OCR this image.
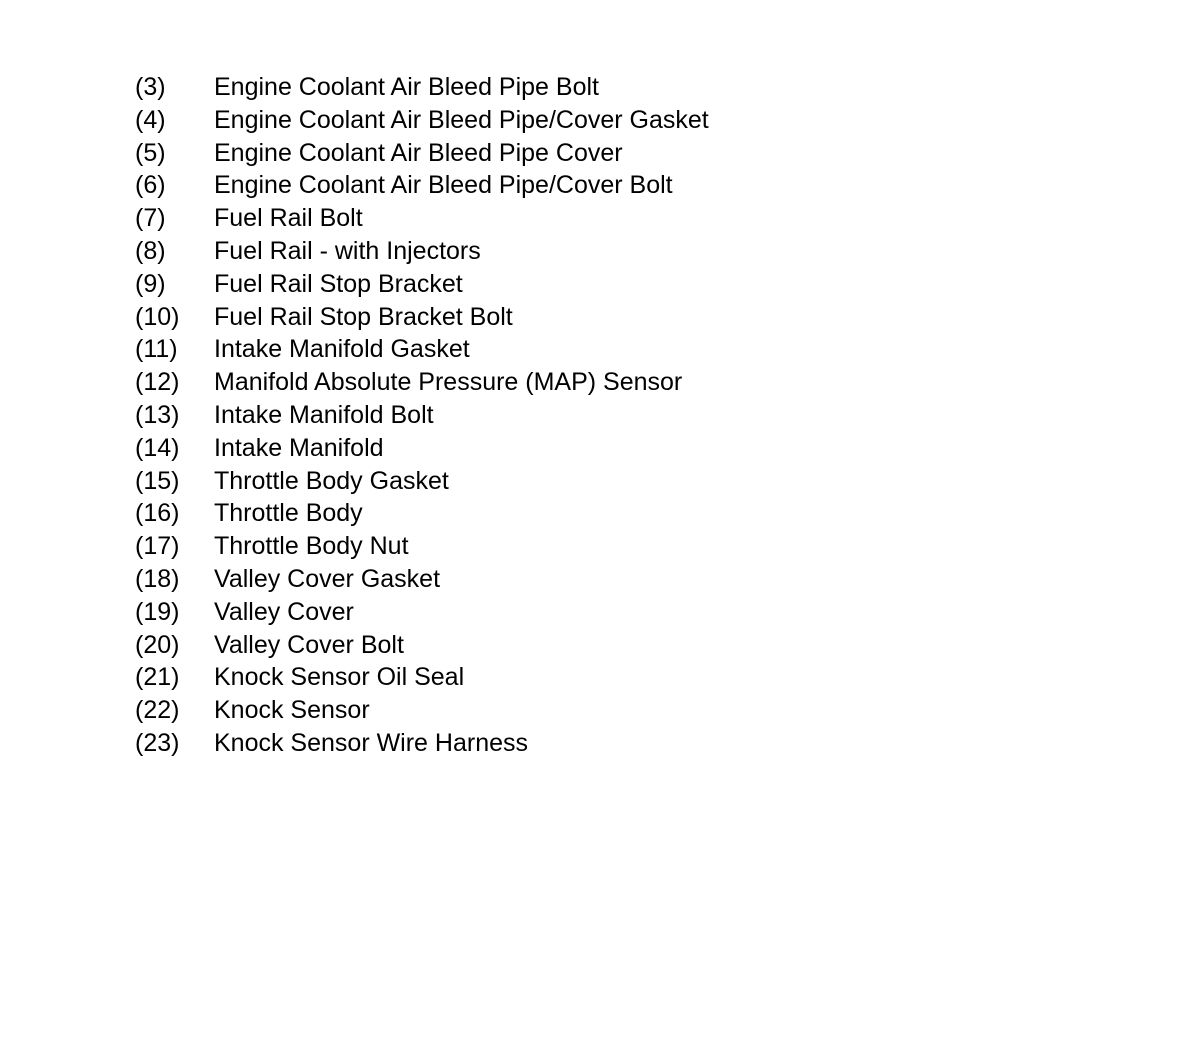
(3)	Engine Coolant Air Bleed Pipe Bolt
(4)	Engine Coolant Air Bleed Pipe/Cover Gasket
(5)	Engine Coolant Air Bleed Pipe Cover
(6)	Engine Coolant Air Bleed Pipe/Cover Bolt
(7)	Fuel Rail Bolt
(8)	Fuel Rail - with Injectors
(9)	Fuel Rail Stop Bracket
(10)	Fuel Rail Stop Bracket Bolt
(11)	Intake Manifold Gasket
(12)	Manifold Absolute Pressure (MAP) Sensor
(13)	Intake Manifold Bolt
(14)	Intake Manifold
(15)	Throttle Body Gasket
(16)	Throttle Body
(17)	Throttle Body Nut
(18)	Valley Cover Gasket
(19)	Valley Cover
(20)	Valley Cover Bolt
(21)	Knock Sensor Oil Seal
(22)	Knock Sensor
(23)	Knock Sensor Wire Harness
